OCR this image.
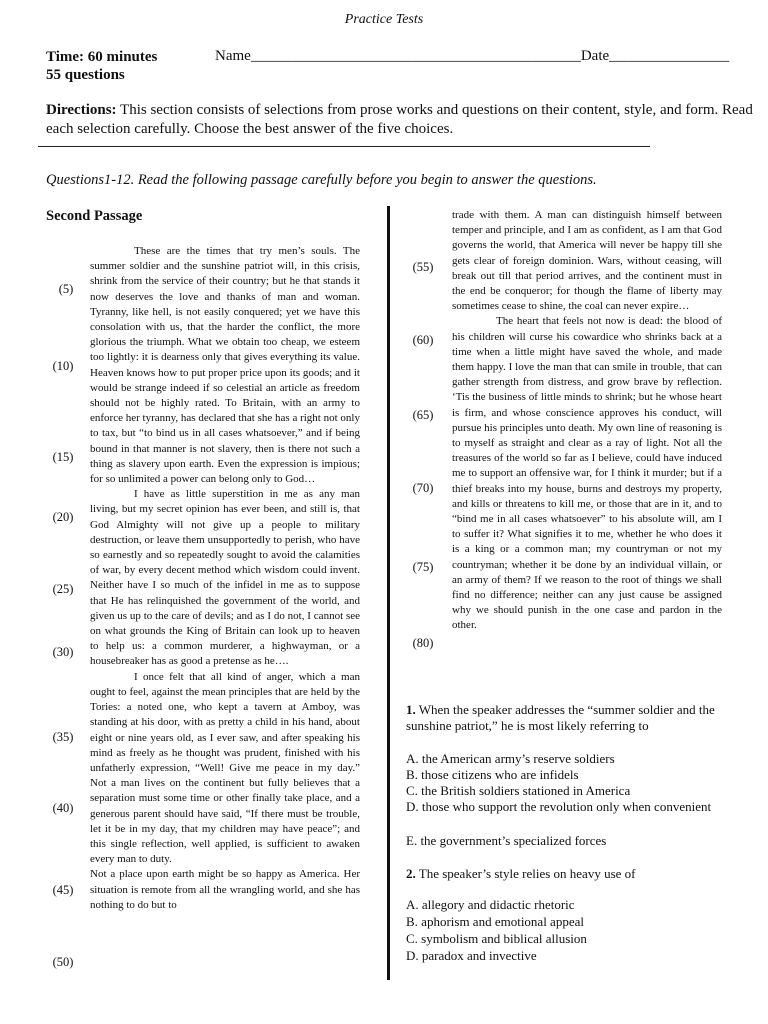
Practice Tests
Time: 60 minutes
55 questions
Name____________________________________________Date________________
Directions: This section consists of selections from prose works and questions on their content, style, and form. Read each selection carefully. Choose the best answer of the five choices.
Questions1-12. Read the following passage carefully before you begin to answer the questions.
Second Passage

These are the times that try men’s souls. The summer soldier and the sunshine patriot will, in this crisis, shrink from the service of their country; but he that stands it now deserves the love and thanks of man and woman. Tyranny, like hell, is not easily conquered; yet we have this consolation with us, that the harder the conflict, the more glorious the triumph. What we obtain too cheap, we esteem too lightly: it is dearness only that gives everything its value. Heaven knows how to put proper price upon its goods; and it would be strange indeed if so celestial an article as freedom should not be highly rated. To Britain, with an army to enforce her tyranny, has declared that she has a right not only to tax, but “to bind us in all cases whatsoever,” and if being bound in that manner is not slavery, then is there not such a thing as slavery upon earth. Even the expression is impious; for so unlimited a power can belong only to God…

I have as little superstition in me as any man living, but my secret opinion has ever been, and still is, that God Almighty will not give up a people to military destruction, or leave them unsupportedly to perish, who have so earnestly and so repeatedly sought to avoid the calamities of war, by every decent method which wisdom could invent. Neither have I so much of the infidel in me as to suppose that He has relinquished the government of the world, and given us up to the care of devils; and as I do not, I cannot see on what grounds the King of Britain can look up to heaven to help us: a common murderer, a highwayman, or a housebreaker has as good a pretense as he….

I once felt that all kind of anger, which a man ought to feel, against the mean principles that are held by the Tories: a noted one, who kept a tavern at Amboy, was standing at his door, with as pretty a child in his hand, about eight or nine years old, as I ever saw, and after speaking his mind as freely as he thought was prudent, finished with his unfatherly expression, “Well! Give me peace in my day.” Not a man lives on the continent but fully believes that a separation must some time or other finally take place, and a generous parent should have said, “If there must be trouble, let it be in my day, that my children may have peace”; and this single reflection, well applied, is sufficient to awaken every man to duty.

Not a place upon earth might be so happy as America. Her situation is remote from all the wrangling world, and she has nothing to do but to

(5)
(10)
(15)
(20)
(25)
(30)
(35)
(40)
(45)
(50)

trade with them. A man can distinguish himself between temper and principle, and I am as confident, as I am that God governs the world, that America will never be happy till she gets clear of foreign dominion. Wars, without ceasing, will break out till that period arrives, and the continent must in the end be conqueror; for though the flame of liberty may sometimes cease to shine, the coal can never expire…

The heart that feels not now is dead: the blood of his children will curse his cowardice who shrinks back at a time when a little might have saved the whole, and made them happy. I love the man that can smile in trouble, that can gather strength from distress, and grow brave by reflection. ‘Tis the business of little minds to shrink; but he whose heart is firm, and whose conscience approves his conduct, will pursue his principles unto death. My own line of reasoning is to myself as straight and clear as a ray of light. Not all the treasures of the world so far as I believe, could have induced me to support an offensive war, for I think it murder; but if a thief breaks into my house, burns and destroys my property, and kills or threatens to kill me, or those that are in it, and to “bind me in all cases whatsoever” to his absolute will, am I to suffer it? What signifies it to me, whether he who does it is a king or a common man; my countryman or not my countryman; whether it be done by an individual villain, or an army of them? If we reason to the root of things we shall find no difference; neither can any just cause be assigned why we should punish in the one case and pardon in the other.

(55)
(60)
(65)
(70)
(75)
(80)
1. When the speaker addresses the “summer soldier and the sunshine patriot,” he is most likely referring to
A. the American army’s reserve soldiers
B. those citizens who are infidels
C. the British soldiers stationed in America
D. those who support the revolution only when convenient
E. the government’s specialized forces
2. The speaker’s style relies on heavy use of
A. allegory and didactic rhetoric
B. aphorism and emotional appeal
C. symbolism and biblical allusion
D. paradox and invective
